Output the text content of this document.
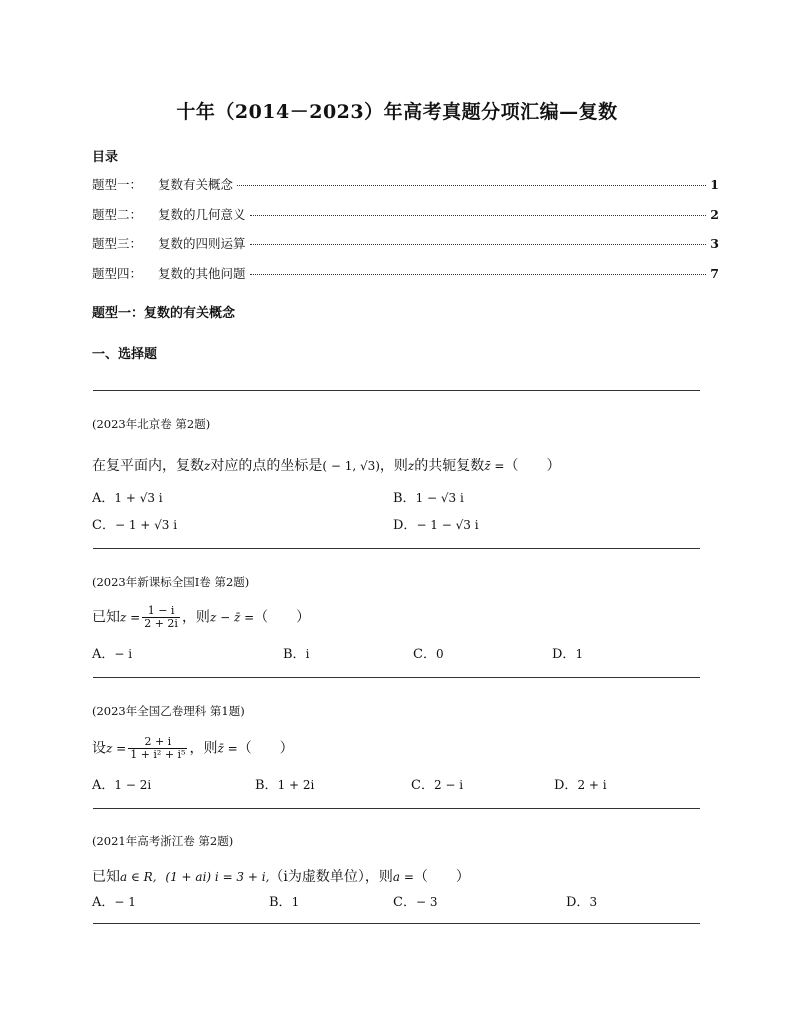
十年（2014－2023）年高考真题分项汇编—复数
目录
题型一： 复数有关概念	1
题型二： 复数的几何意义	2
题型三： 复数的四则运算	3
题型四： 复数的其他问题	7
题型一：复数的有关概念
一、选择题
(2023年北京卷 第2题)
在复平面内，复数z对应的点的坐标是( − 1, √3)，则z的共轭复数z̄ =（　　）
A．1 + √3 i	B．1 − √3 i
C．− 1 + √3 i	D．− 1 − √3 i
(2023年新课标全国Ⅰ卷 第2题)
已知$z = \frac{1 - i}{2 + 2i}$ ，则z − z̄ =（　　）
A．− i	B．i	C．0	D．1
(2023年全国乙卷理科 第1题)
设$z = \frac{2 + i}{\text{1 + i² + i⁵}}$ ，则z̄ =（　　）
A．1 − 2i	B．1 + 2i	C．2 − i	D．2 + i
(2021年高考浙江卷 第2题)
已知a ∈ R, (1 + ai) i = 3 + i,（i为虚数单位），则a =（　　）
A．− 1	B．1	C．− 3	D．3
